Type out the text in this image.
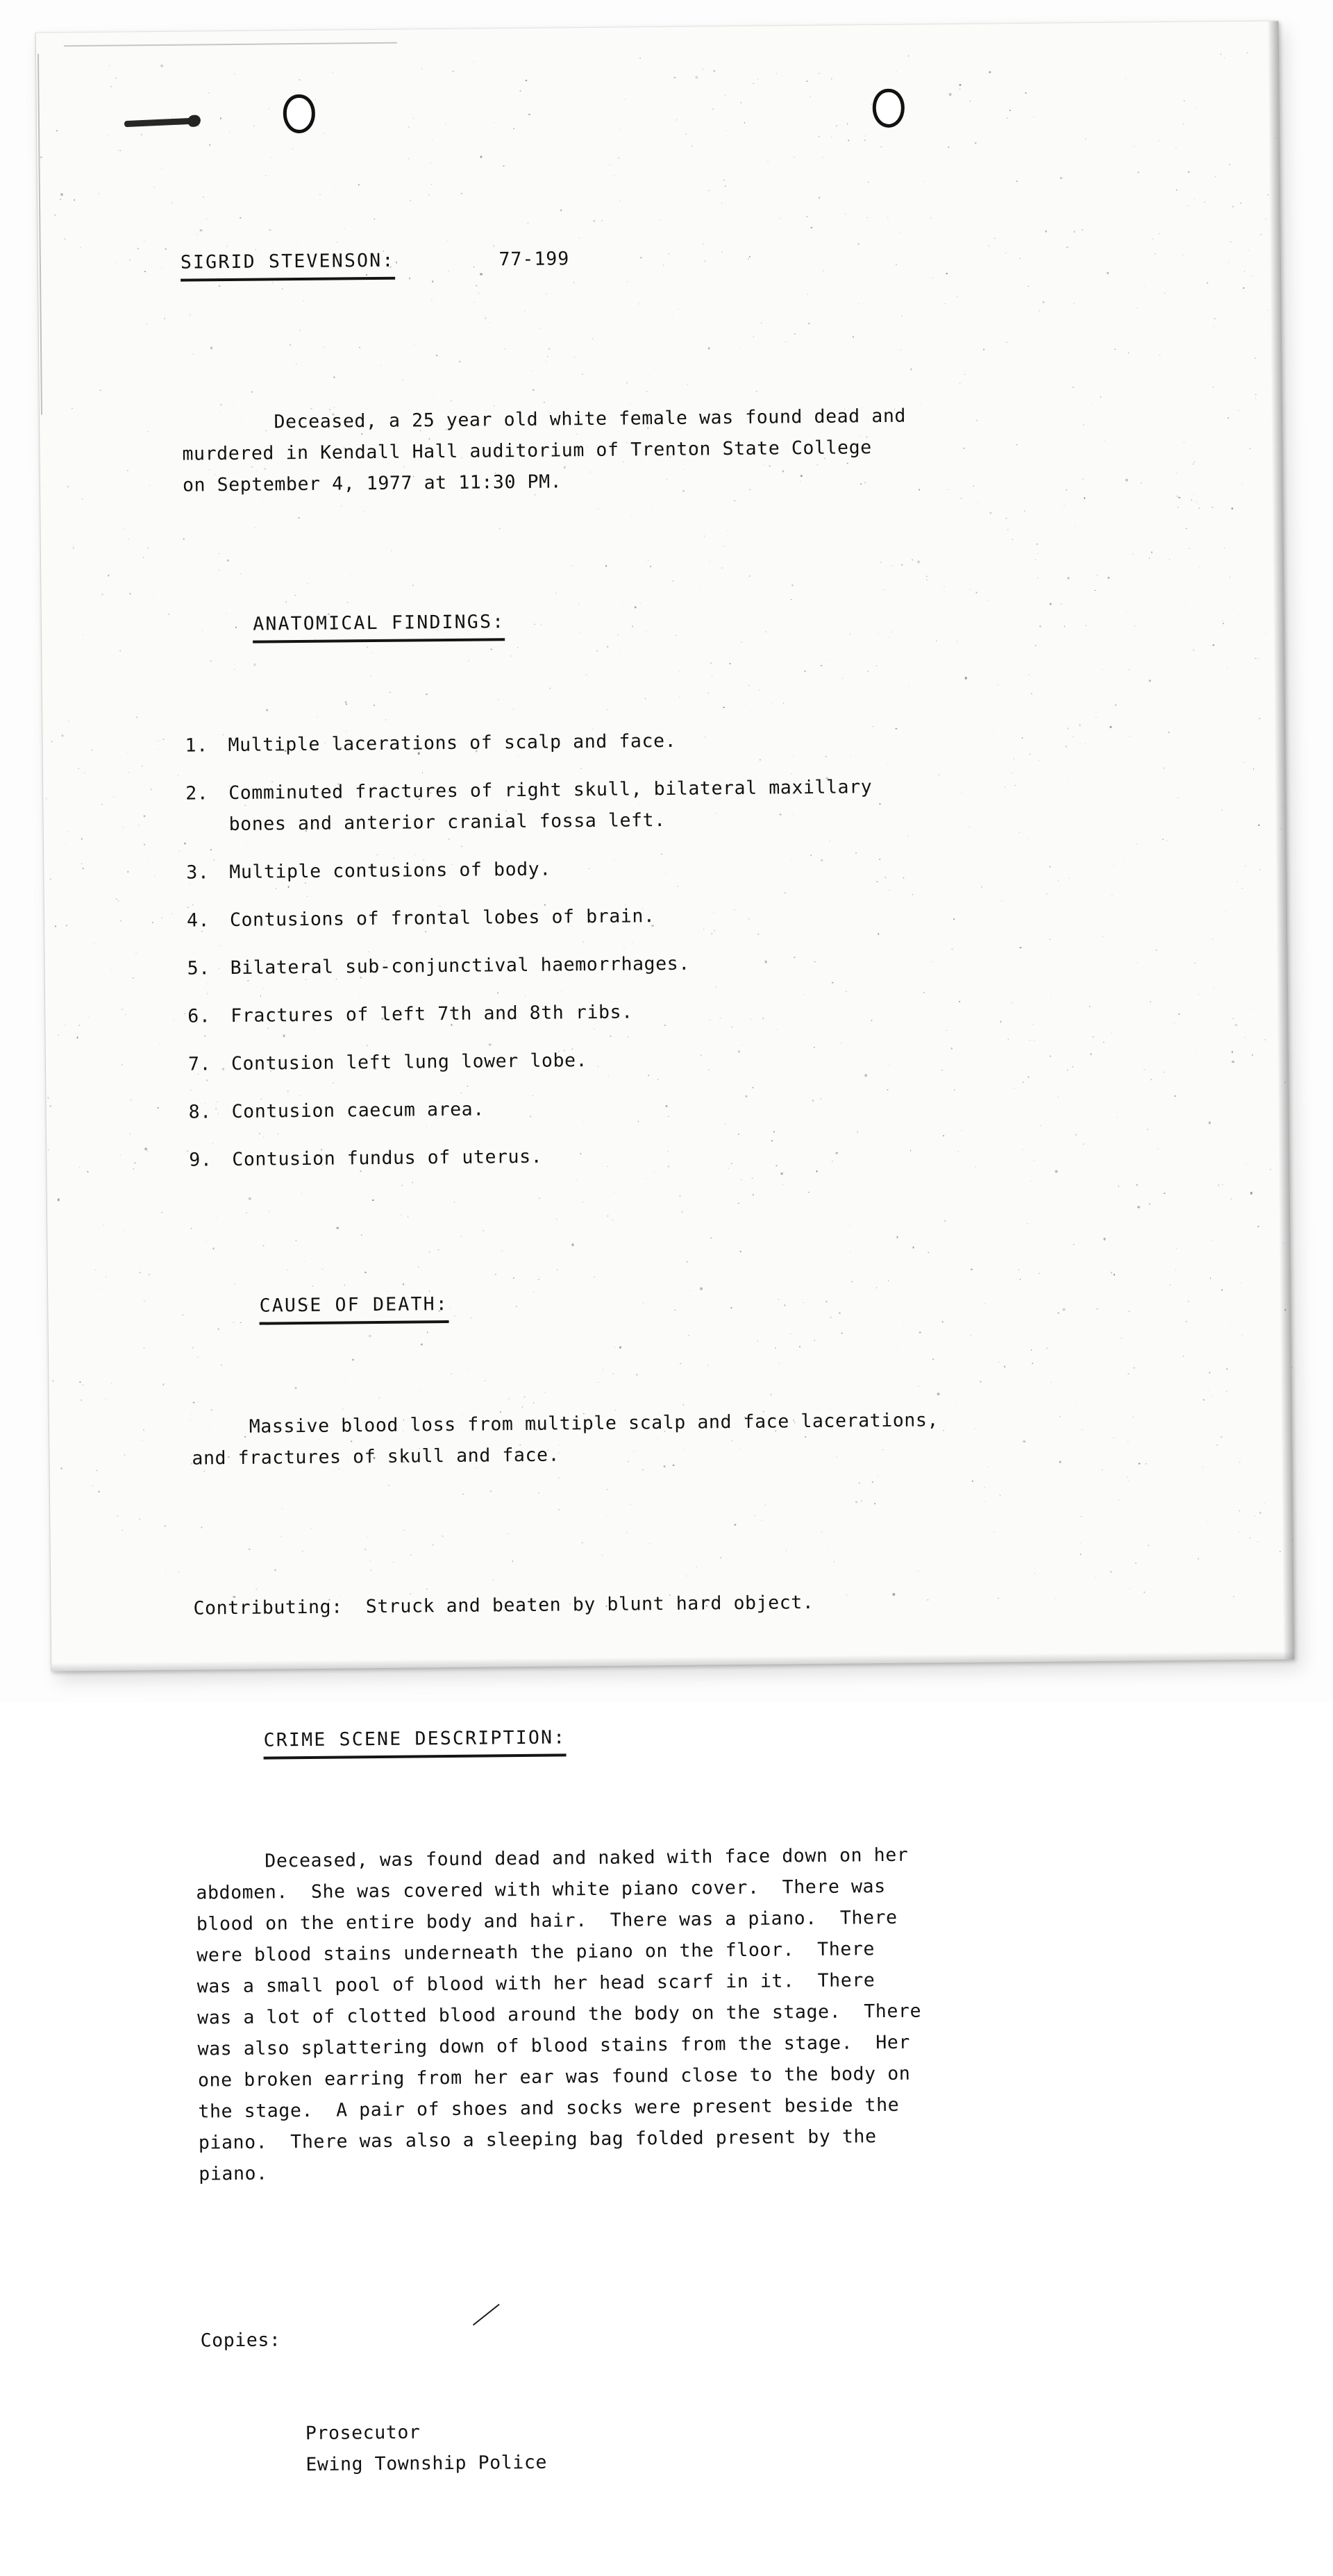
SIGRID STEVENSON:	77-199

Deceased, a 25 year old white female was found dead and
murdered in Kendall Hall auditorium of Trenton State College
on September 4, 1977 at 11:30 PM.

ANATOMICAL FINDINGS:

1.	Multiple lacerations of scalp and face.
2.	Comminuted fractures of right skull, bilateral maxillary
bones and anterior cranial fossa left.
3.	Multiple contusions of body.
4.	Contusions of frontal lobes of brain.
5.	Bilateral sub-conjunctival haemorrhages.
6.	Fractures of left 7th and 8th ribs.
7.	Contusion left lung lower lobe.
8.	Contusion caecum area.
9.	Contusion fundus of uterus.

CAUSE OF DEATH:

Massive blood loss from multiple scalp and face lacerations,
and fractures of skull and face.

Contributing:  Struck and beaten by blunt hard object.

CRIME SCENE DESCRIPTION:

Deceased, was found dead and naked with face down on her
abdomen.  She was covered with white piano cover.  There was
blood on the entire body and hair.  There was a piano.  There
were blood stains underneath the piano on the floor.  There
was a small pool of blood with her head scarf in it.  There
was a lot of clotted blood around the body on the stage.  There
was also splattering down of blood stains from the stage.  Her
one broken earring from her ear was found close to the body on
the stage.  A pair of shoes and socks were present beside the
piano.  There was also a sleeping bag folded present by the
piano.

Copies:

Prosecutor
Ewing Township Police
